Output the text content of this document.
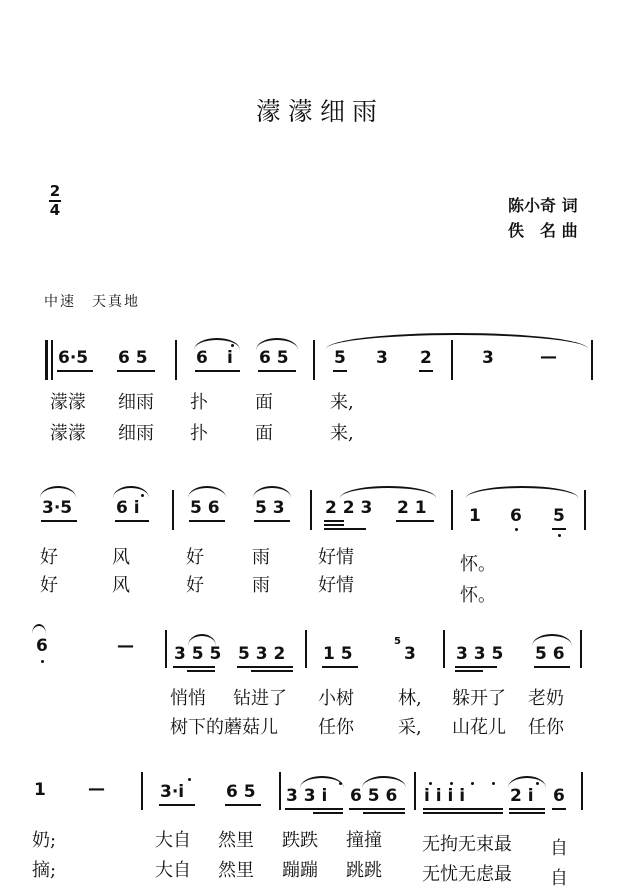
濛濛细雨
2
4	陈小奇 词
佚　名 曲
中速　天真地
6·5 6 5	6 i 6 5	5 3 2	3	—
濛濛 细雨 扑	面	来,
濛濛 细雨 扑	面	来,
3·5	6 i	5 6 5 3 2 2 3 2 1 1 6 5
好	风	好	雨	好情	怀。
好	风	好	雨	好情	怀。
6	— 3 5 5 5 3 2 1 5
5
3 3 3 5 5 6
悄悄 钻进了 小树 林, 躲开了 老奶
树下的蘑菇儿 任你 采, 山花儿 任你
1 —	3·i 6 5 3 3 i 6 5 6 i i i i	2 i 6
奶;	大自 然里 跌跌 撞撞 无拘无束最 自
摘;	大自 然里 蹦蹦 跳跳 无忧无虑最 自
